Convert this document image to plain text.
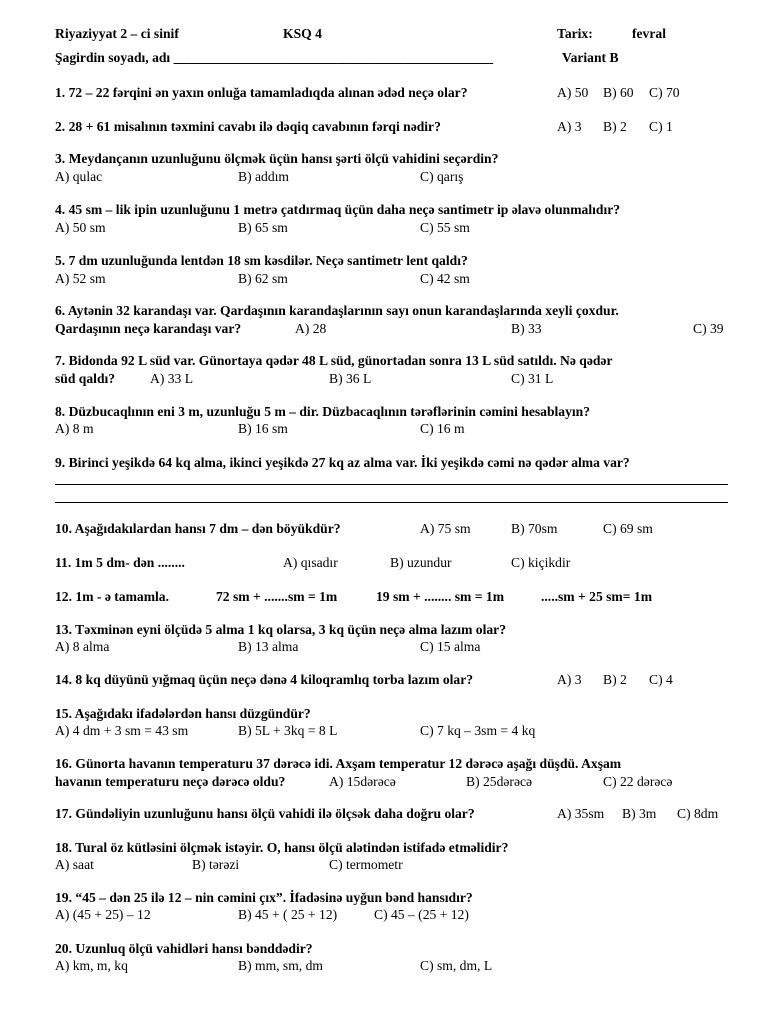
Riyaziyyat 2 – ci sinif	KSQ 4	Tarix:	fevral
Şagirdin soyadı, adı _______________________________________________	Variant B
1. 72 – 22 fərqini ən yaxın onluğa tamamladıqda alınan ədəd neçə olar?	A) 50 B) 60 C) 70
2. 28 + 61 misalının təxmini cavabı ilə dəqiq cavabının fərqi nədir?	A) 3 B) 2 C) 1
3. Meydançanın uzunluğunu ölçmək üçün hansı şərti ölçü vahidini seçərdin?
A) qulac	B) addım	C) qarış
4. 45 sm – lik ipin uzunluğunu 1 metrə çatdırmaq üçün daha neçə santimetr ip əlavə olunmalıdır?
A) 50 sm	B) 65 sm	C) 55 sm
5. 7 dm uzunluğunda lentdən 18 sm kəsdilər. Neçə santimetr lent qaldı?
A) 52 sm	B) 62 sm	C) 42 sm
6. Aytənin 32 karandaşı var. Qardaşının karandaşlarının sayı onun karandaşlarında xeyli çoxdur.
Qardaşının neçə karandaşı var?	A) 28	B) 33	C) 39
7. Bidonda 92 L süd var. Günortaya qədər 48 L süd, günortadan sonra 13 L süd satıldı. Nə qədər
süd qaldı?	A) 33 L	B) 36 L	C) 31 L
8. Düzbucaqlının eni 3 m, uzunluğu 5 m – dir. Düzbacaqlının tərəflərinin cəmini hesablayın?
A) 8 m	B) 16 sm	C) 16 m
9. Birinci yeşikdə 64 kq alma, ikinci yeşikdə 27 kq az alma var. İki yeşikdə cəmi nə qədər alma var?
10. Aşağıdakılardan hansı 7 dm – dən böyükdür?	A) 75 sm	B) 70sm	C) 69 sm
11. 1m 5 dm- dən ........	A) qısadır	B) uzundur	C) kiçikdir
12. 1m - ə tamamla.	72 sm + .......sm = 1m	19 sm + ........ sm = 1m	.....sm + 25 sm= 1m
13. Təxminən eyni ölçüdə 5 alma 1 kq olarsa, 3 kq üçün neçə alma lazım olar?
A) 8 alma	B) 13 alma	C) 15 alma
14. 8 kq düyünü yığmaq üçün neçə dənə 4 kiloqramlıq torba lazım olar?	A) 3 B) 2 C) 4
15. Aşağıdakı ifadələrdən hansı düzgündür?
A) 4 dm + 3 sm = 43 sm	B) 5L + 3kq = 8 L	C) 7 kq – 3sm = 4 kq
16. Günorta havanın temperaturu 37 dərəcə idi. Axşam temperatur 12 dərəcə aşağı düşdü. Axşam
havanın temperaturu neçə dərəcə oldu?	A) 15dərəcə	B) 25dərəcə	C) 22 dərəcə
17. Gündəliyin uzunluğunu hansı ölçü vahidi ilə ölçsək daha doğru olar?	A) 35sm B) 3m C) 8dm
18. Tural öz kütləsini ölçmək istəyir. O, hansı ölçü alətindən istifadə etməlidir?
A) saat	B) tərəzi	C) termometr
19. “45 – dən 25 ilə 12 – nin cəmini çıx”. İfadəsinə uyğun bənd hansıdır?
A) (45 + 25) – 12	B) 45 + ( 25 + 12)	C) 45 – (25 + 12)
20. Uzunluq ölçü vahidləri hansı bənddədir?
A) km, m, kq	B) mm, sm, dm	C) sm, dm, L
